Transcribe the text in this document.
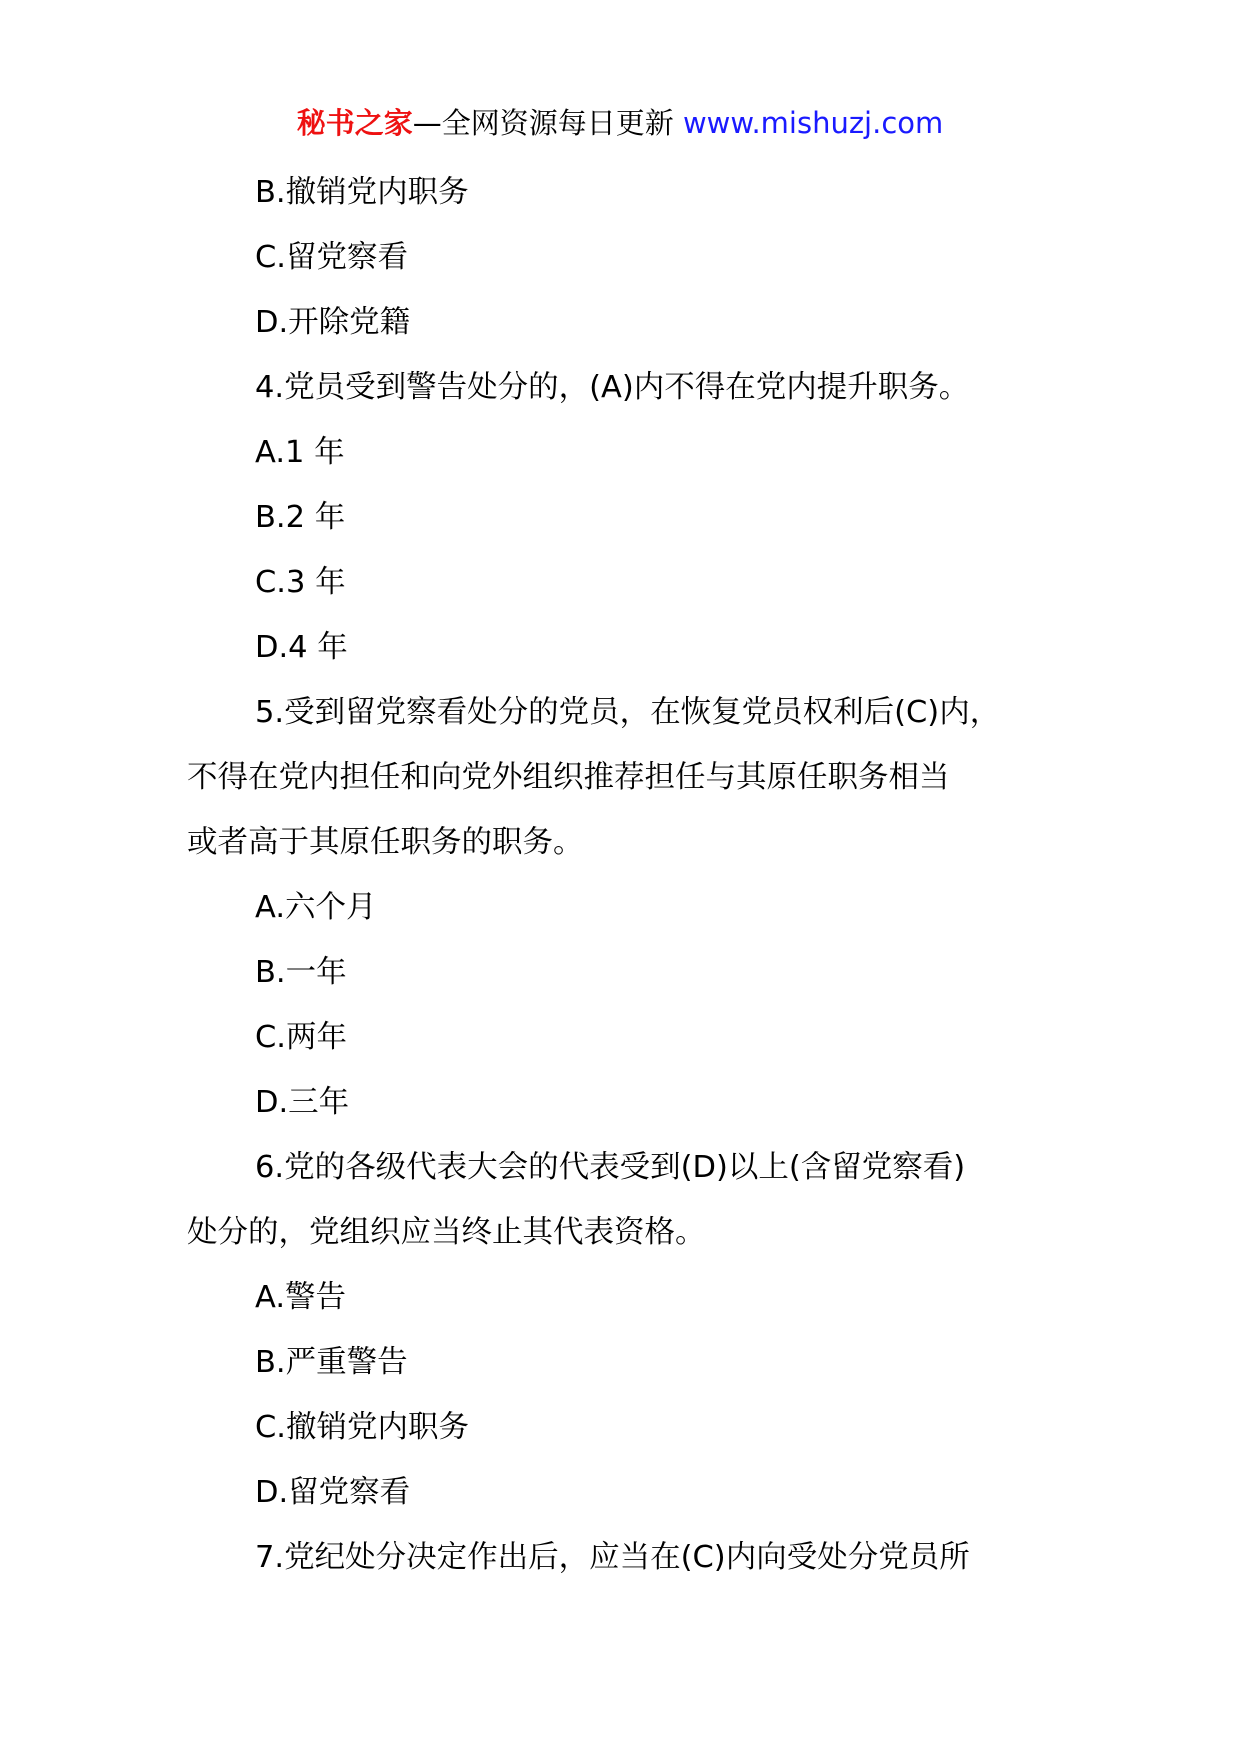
秘书之家—全网资源每日更新 www.mishuzj.com
B.撤销党内职务
C.留党察看
D.开除党籍
4.党员受到警告处分的，(A)内不得在党内提升职务。
A.1 年
B.2 年
C.3 年
D.4 年
5.受到留党察看处分的党员，在恢复党员权利后(C)内，
不得在党内担任和向党外组织推荐担任与其原任职务相当
或者高于其原任职务的职务。
A.六个月
B.一年
C.两年
D.三年
6.党的各级代表大会的代表受到(D)以上(含留党察看)
处分的，党组织应当终止其代表资格。
A.警告
B.严重警告
C.撤销党内职务
D.留党察看
7.党纪处分决定作出后，应当在(C)内向受处分党员所
